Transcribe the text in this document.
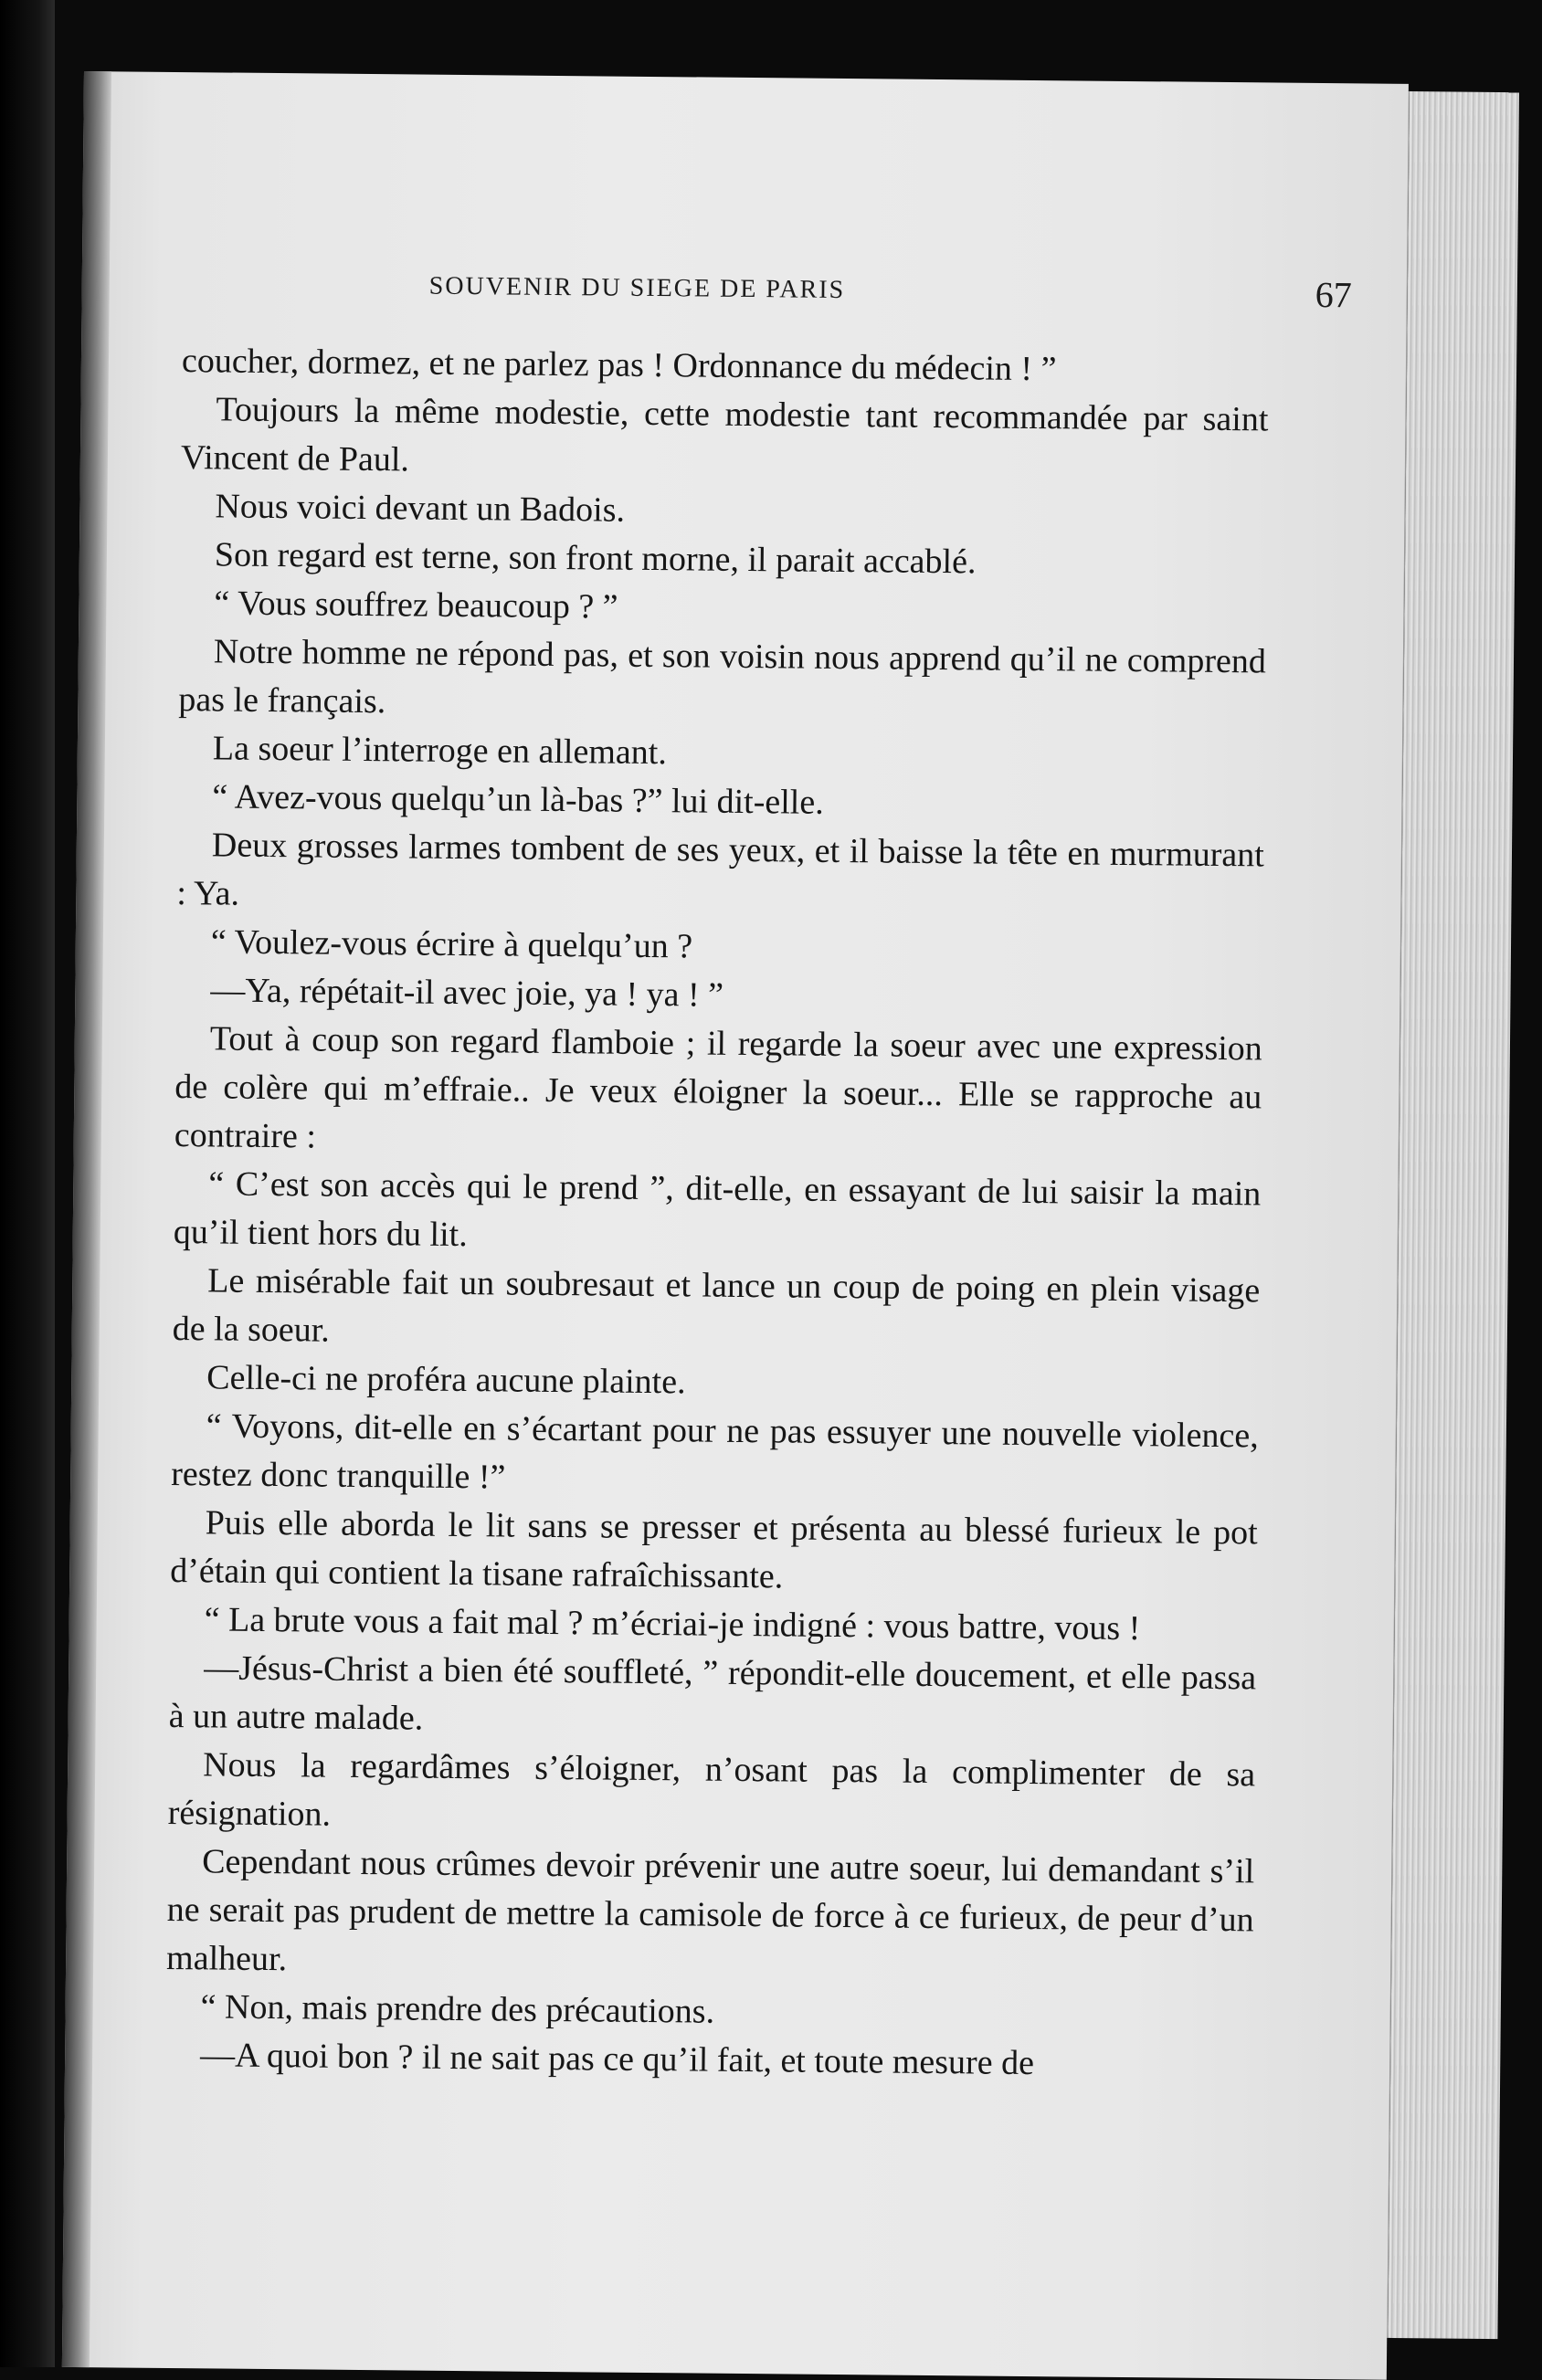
SOUVENIR DU SIEGE DE PARIS	67

coucher, dormez, et ne parlez pas ! Ordonnance du médecin ! ”

Toujours la même modestie, cette modestie tant recommandée par saint Vincent de Paul.

Nous voici devant un Badois.

Son regard est terne, son front morne, il parait accablé.

“ Vous souffrez beaucoup ? ”

Notre homme ne répond pas, et son voisin nous apprend qu’il ne comprend pas le français.

La soeur l’interroge en allemant.

“ Avez-vous quelqu’un là-bas ?” lui dit-elle.

Deux grosses larmes tombent de ses yeux, et il baisse la tête en murmurant : Ya.

“ Voulez-vous écrire à quelqu’un ?

—Ya, répétait-il avec joie, ya ! ya ! ”

Tout à coup son regard flamboie ; il regarde la soeur avec une expression de colère qui m’effraie.. Je veux éloigner la soeur... Elle se rapproche au contraire :

“ C’est son accès qui le prend ”, dit-elle, en essayant de lui saisir la main qu’il tient hors du lit.

Le misérable fait un soubresaut et lance un coup de poing en plein visage de la soeur.

Celle-ci ne proféra aucune plainte.

“ Voyons, dit-elle en s’écartant pour ne pas essuyer une nouvelle violence, restez donc tranquille !”

Puis elle aborda le lit sans se presser et présenta au blessé furieux le pot d’étain qui contient la tisane rafraîchissante.

“ La brute vous a fait mal ? m’écriai-je indigné : vous battre, vous !

—Jésus-Christ a bien été souffleté, ” répondit-elle doucement, et elle passa à un autre malade.

Nous la regardâmes s’éloigner, n’osant pas la complimenter de sa résignation.

Cependant nous crûmes devoir prévenir une autre soeur, lui demandant s’il ne serait pas prudent de mettre la camisole de force à ce furieux, de peur d’un malheur.

“ Non, mais prendre des précautions.

—A quoi bon ? il ne sait pas ce qu’il fait, et toute mesure de
